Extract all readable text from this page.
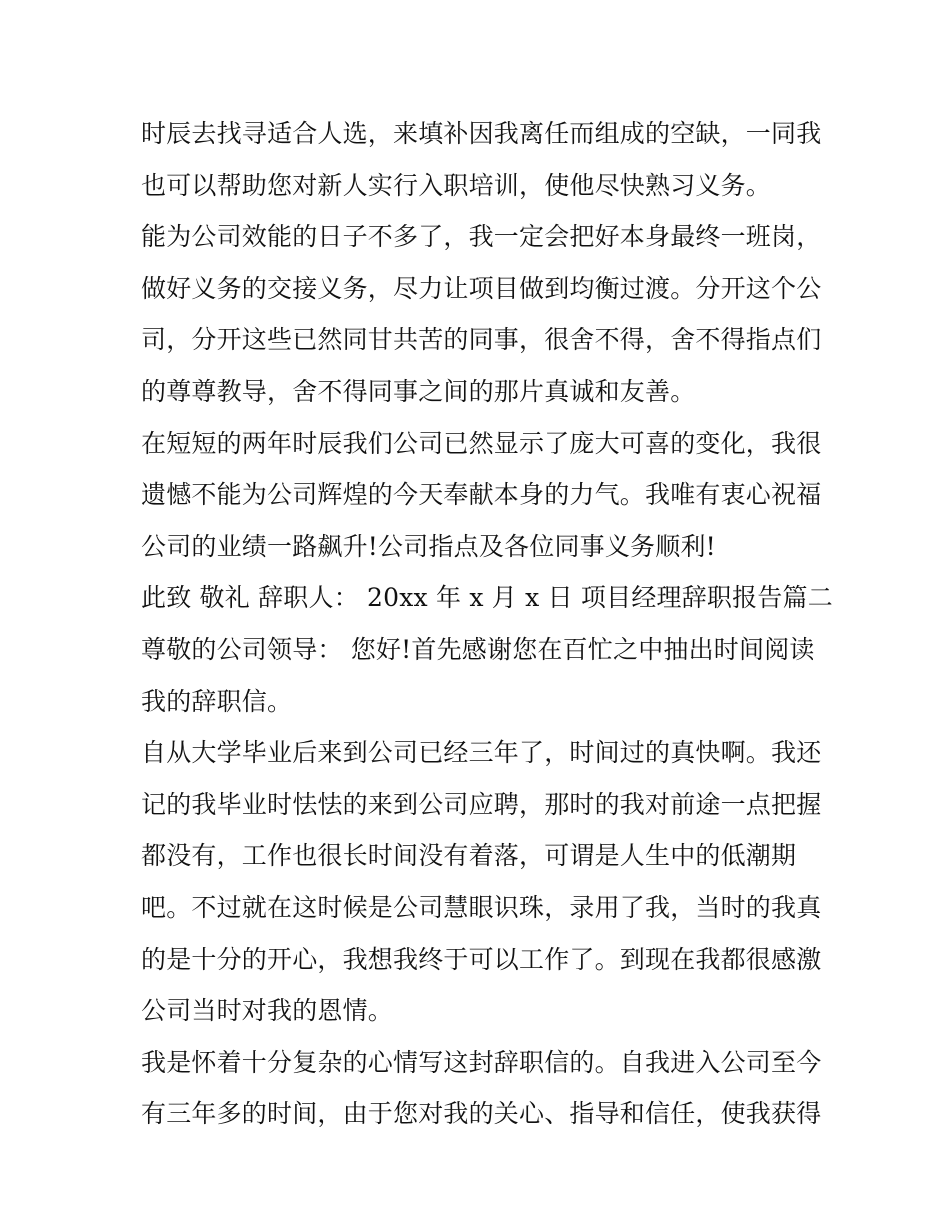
时辰去找寻适合人选，来填补因我离任而组成的空缺，一同我
也可以帮助您对新人实行入职培训，使他尽快熟习义务。
能为公司效能的日子不多了，我一定会把好本身最终一班岗，
做好义务的交接义务，尽力让项目做到均衡过渡。分开这个公
司，分开这些已然同甘共苦的同事，很舍不得，舍不得指点们
的尊尊教导，舍不得同事之间的那片真诚和友善。
在短短的两年时辰我们公司已然显示了庞大可喜的变化，我很
遗憾不能为公司辉煌的今天奉献本身的力气。我唯有衷心祝福
公司的业绩一路飙升!公司指点及各位同事义务顺利!
此致 敬礼 辞职人： 20xx 年 x 月 x 日 项目经理辞职报告篇二
尊敬的公司领导： 您好!首先感谢您在百忙之中抽出时间阅读
我的辞职信。
自从大学毕业后来到公司已经三年了，时间过的真快啊。我还
记的我毕业时怯怯的来到公司应聘，那时的我对前途一点把握
都没有，工作也很长时间没有着落，可谓是人生中的低潮期
吧。不过就在这时候是公司慧眼识珠，录用了我，当时的我真
的是十分的开心，我想我终于可以工作了。到现在我都很感激
公司当时对我的恩情。
我是怀着十分复杂的心情写这封辞职信的。自我进入公司至今
有三年多的时间，由于您对我的关心、指导和信任，使我获得
